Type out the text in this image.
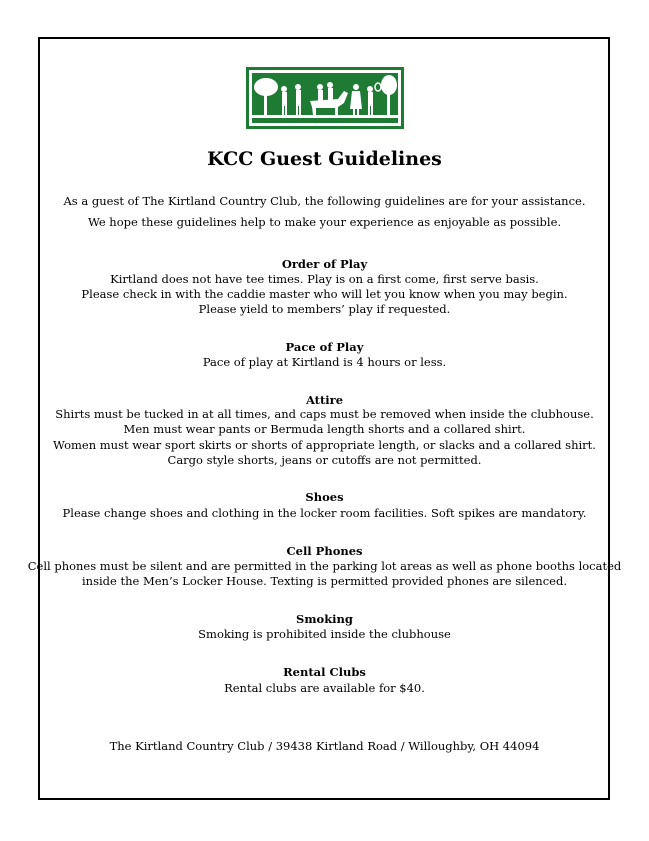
KCC Guest Guidelines
As a guest of The Kirtland Country Club, the following guidelines are for your assistance.
We hope these guidelines help to make your experience as enjoyable as possible.
Order of Play
Kirtland does not have tee times. Play is on a first come, first serve basis.
Please check in with the caddie master who will let you know when you may begin.
Please yield to members’ play if requested.
Pace of Play
Pace of play at Kirtland is 4 hours or less.
Attire
Shirts must be tucked in at all times, and caps must be removed when inside the clubhouse.
Men must wear pants or Bermuda length shorts and a collared shirt.
Women must wear sport skirts or shorts of appropriate length, or slacks and a collared shirt.
Cargo style shorts, jeans or cutoffs are not permitted.
Shoes
Please change shoes and clothing in the locker room facilities. Soft spikes are mandatory.
Cell Phones
Cell phones must be silent and are permitted in the parking lot areas as well as phone booths located
inside the Men’s Locker House. Texting is permitted provided phones are silenced.
Smoking
Smoking is prohibited inside the clubhouse
Rental Clubs
Rental clubs are available for $40.
The Kirtland Country Club / 39438 Kirtland Road / Willoughby, OH 44094
